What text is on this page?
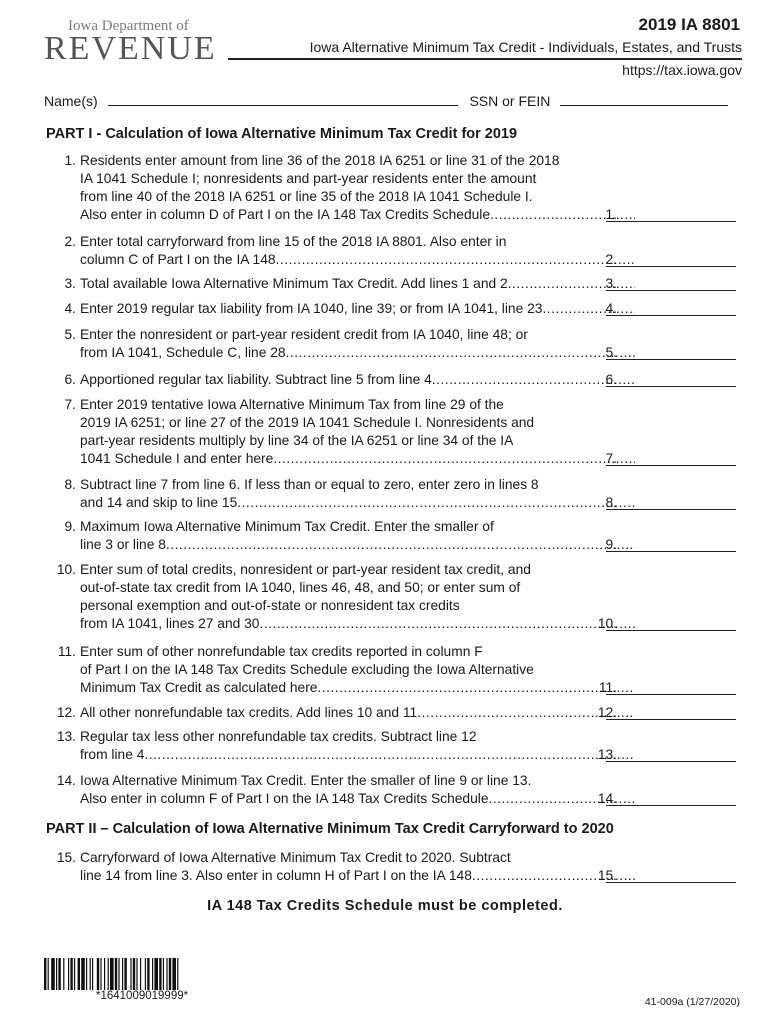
Iowa Department of
REVENUE
2019 IA 8801
Iowa Alternative Minimum Tax Credit - Individuals, Estates, and Trusts
https://tax.iowa.gov
Name(s)	SSN or FEIN
PART I - Calculation of Iowa Alternative Minimum Tax Credit for 2019
1. Residents enter amount from line 36 of the 2018 IA 6251 or line 31 of the 2018
IA 1041 Schedule I; nonresidents and part-year residents enter the amount
from line 40 of the 2018 IA 6251 or line 35 of the 2018 IA 1041 Schedule I.
Also enter in column D of Part I on the IA 148 Tax Credits Schedule .....	1.
2. Enter total carryforward from line 15 of the 2018 IA 8801. Also enter in
column C of Part I on the IA 148 .....	2.
3. Total available Iowa Alternative Minimum Tax Credit. Add lines 1 and 2 .....	3.
4. Enter 2019 regular tax liability from IA 1040, line 39; or from IA 1041, line 23 .....	4.
5. Enter the nonresident or part-year resident credit from IA 1040, line 48; or
from IA 1041, Schedule C, line 28 .....	5.
6. Apportioned regular tax liability. Subtract line 5 from line 4 .....	6.
7. Enter 2019 tentative Iowa Alternative Minimum Tax from line 29 of the
2019 IA 6251; or line 27 of the 2019 IA 1041 Schedule I. Nonresidents and
part-year residents multiply by line 34 of the IA 6251 or line 34 of the IA
1041 Schedule I and enter here .....	7.
8. Subtract line 7 from line 6. If less than or equal to zero, enter zero in lines 8
and 14 and skip to line 15 .....	8.
9. Maximum Iowa Alternative Minimum Tax Credit. Enter the smaller of
line 3 or line 8 .....	9.
10. Enter sum of total credits, nonresident or part-year resident tax credit, and
out-of-state tax credit from IA 1040, lines 46, 48, and 50; or enter sum of
personal exemption and out-of-state or nonresident tax credits
from IA 1041, lines 27 and 30 .....	10.
11. Enter sum of other nonrefundable tax credits reported in column F
of Part I on the IA 148 Tax Credits Schedule excluding the Iowa Alternative
Minimum Tax Credit as calculated here .....	11.
12. All other nonrefundable tax credits. Add lines 10 and 11 .....	12.
13. Regular tax less other nonrefundable tax credits. Subtract line 12
from line 4 .....	13.
14. Iowa Alternative Minimum Tax Credit. Enter the smaller of line 9 or line 13.
Also enter in column F of Part I on the IA 148 Tax Credits Schedule .....	14.
PART II – Calculation of Iowa Alternative Minimum Tax Credit Carryforward to 2020
15. Carryforward of Iowa Alternative Minimum Tax Credit to 2020. Subtract
line 14 from line 3. Also enter in column H of Part I on the IA 148 .....	15.
IA 148 Tax Credits Schedule must be completed.
*1641009019999*	41-009a (1/27/2020)
